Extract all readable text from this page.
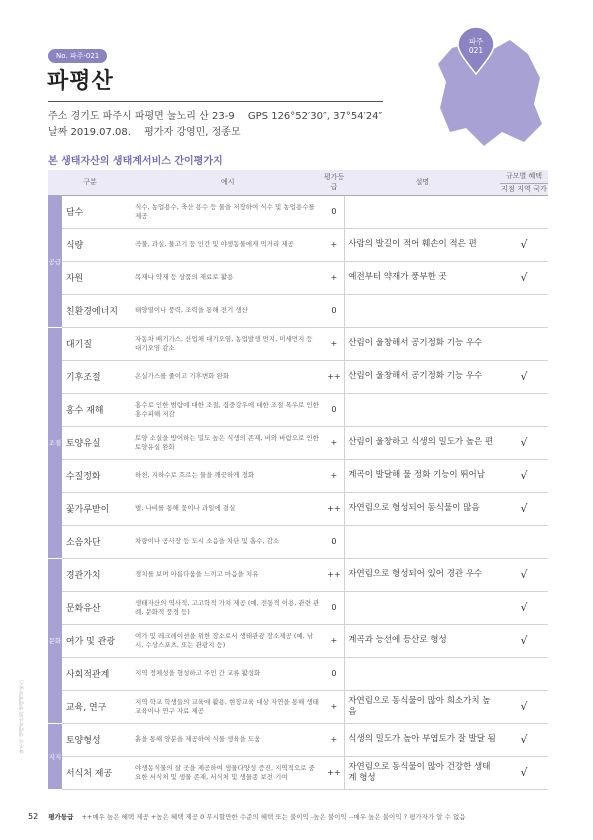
No. 파주-021
파평산
주소 경기도 파주시 파평면 눌노리 산 23-9 GPS 126°52′30″, 37°54′24″
날짜 2019.07.08. 평가자 강영민, 정종모
파주
021
본 생태자산의 생태계서비스 간이평가지
구분		예시	평가등급	설명	규모별 혜택		
					지점	지역	국가
공급	담수	식수, 농업용수, 축산 용수 등 물을 저장하여 식수 및 농업용수를 제공	0				
	식량	곡물, 과실, 물고기 등 인간 및 야생동물에게 먹거리 제공	+	사람의 발길이 적어 훼손이 적은 편		√	
	자원	목재나 약재 등 상품의 재료로 활용	+	예전부터 약재가 풍부한 곳		√	
	친환경에너지	태양열이나 풍력, 조력을 통해 전기 생산	0				
조절	대기질	자동차 배기가스, 산업체 대기오염, 농업발생 먼지, 미세먼지 등 대기오염 감소	+	산림이 울창해서 공기정화 기능 우수			
	기후조절	온실가스를 줄이고 기후변화 완화	++	산림이 울창해서 공기정화 기능 우수		√	
	홍수 재해	홍수로 인한 범람에 대한 조절, 집중강우에 대한 조절 폭우로 인한 홍수피해 저감	0				
	토양유실	토양 소실을 방어하는 밀도 높은 식생의 존재, 비와 바람으로 인한 토양유실 완화	+	산림이 울창하고 식생의 밀도가 높은 편		√	
	수질정화	하천, 지하수로 흐르는 물을 깨끗하게 정화	+	계곡이 발달해 물 정화 기능이 뛰어남		√	
	꽃가루받이	벌, 나비를 통해 꽃이나 과일에 결실	++	자연림으로 형성되어 동식물이 많음		√	
	소음차단	차량이나 공사장 등 도시 소음을 차단 및 흡수, 감소	0				
문화	경관가치	경치를 보며 아름다움을 느끼고 마음을 치유	++	자연림으로 형성되어 있어 경관 우수		√	
	문화유산	생태자산의 역사적, 고고학적 가치 제공 (예, 전통적 이용, 관련 관례, 문화적 풍경 등)	0			√	
	여가 및 관광	여가 및 레크레이션을 위한 장소로서 생태관광 장소제공 (예, 낚시, 수상스포츠, 또는 관광지 등)	+	계곡과 능선에 등산로 형성		√	
	사회적관계	지역 정체성을 형성하고 주민 간 교류 활성화	0				
	교육, 연구	지역 학교 학생들의 교육에 활용, 현장교육 대상 자연을 통해 생태교육이나 연구 자료 제공	+	자연림으로 동식물이 많아 희소가치 높음		√	
지지	토양형성	흙을 통해 양분을 제공하여 식물 생육을 도움	+	식생의 밀도가 높아 부엽토가 잘 발달 됨		√	
	서식처 제공	야생동식물의 살 곳을 제공하여 생물다양성 증진, 지역적으로 중요한 서식처 및 생물 존재, 서식처 및 생물종 보전 기여	++	자연림으로 동식물이 많아 건강한 생태계 형성		√	
파주시 생태자산의 생태계서비스
52 평가등급 ++매우 높은 혜택 제공 +높은 혜택 제공 0 무시할만한 수준의 혜택 또는 불이익 -높은 불이익 --매우 높은 불이익 ? 평가자가 알 수 없음
